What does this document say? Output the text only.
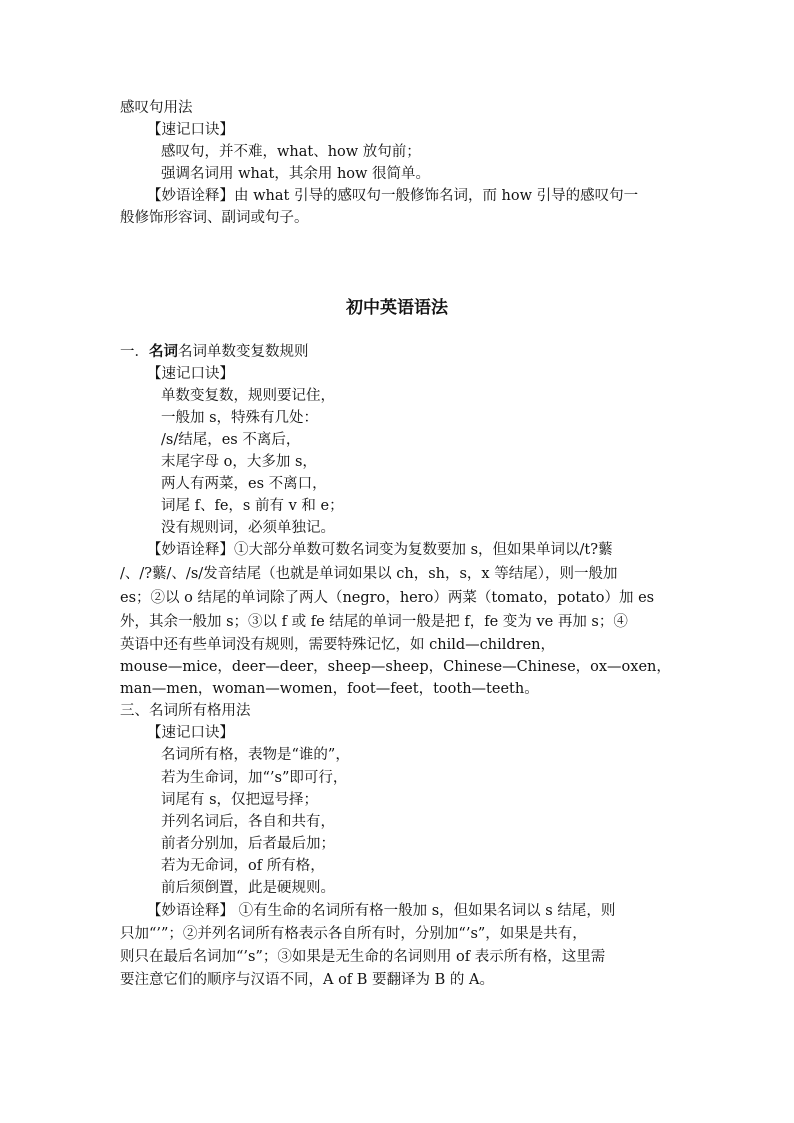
感叹句用法
【速记口诀】
感叹句，并不难，what、how 放句前；
强调名词用 what，其余用 how 很简单。
【妙语诠释】由 what 引导的感叹句一般修饰名词，而 how 引导的感叹句一
般修饰形容词、副词或句子。
初中英语语法
一．名词名词单数变复数规则
【速记口诀】
单数变复数，规则要记住，
一般加 s，特殊有几处：
/s/结尾，es 不离后，
末尾字母 o，大多加 s，
两人有两菜，es 不离口，
词尾 f、fe，s 前有 v 和 e；
没有规则词，必须单独记。
【妙语诠释】①大部分单数可数名词变为复数要加 s，但如果单词以/t?蘩
/、/?蘩/、/s/发音结尾（也就是单词如果以 ch，sh，s，x 等结尾），则一般加
es；②以 o 结尾的单词除了两人（negro，hero）两菜（tomato，potato）加 es
外，其余一般加 s；③以 f 或 fe 结尾的单词一般是把 f，fe 变为 ve 再加 s；④
英语中还有些单词没有规则，需要特殊记忆，如 child—children，
mouse—mice，deer—deer，sheep—sheep，Chinese—Chinese，ox—oxen，
man—men，woman—women，foot—feet，tooth—teeth。
三、名词所有格用法
【速记口诀】
名词所有格，表物是“谁的”，
若为生命词，加“’s”即可行，
词尾有 s，仅把逗号择；
并列名词后，各自和共有，
前者分别加，后者最后加；
若为无命词，of 所有格，
前后须倒置，此是硬规则。
【妙语诠释】 ①有生命的名词所有格一般加 s，但如果名词以 s 结尾，则
只加“’”；②并列名词所有格表示各自所有时，分别加“’s”，如果是共有，
则只在最后名词加“’s”；③如果是无生命的名词则用 of 表示所有格，这里需
要注意它们的顺序与汉语不同，A of B 要翻译为 B 的 A。
